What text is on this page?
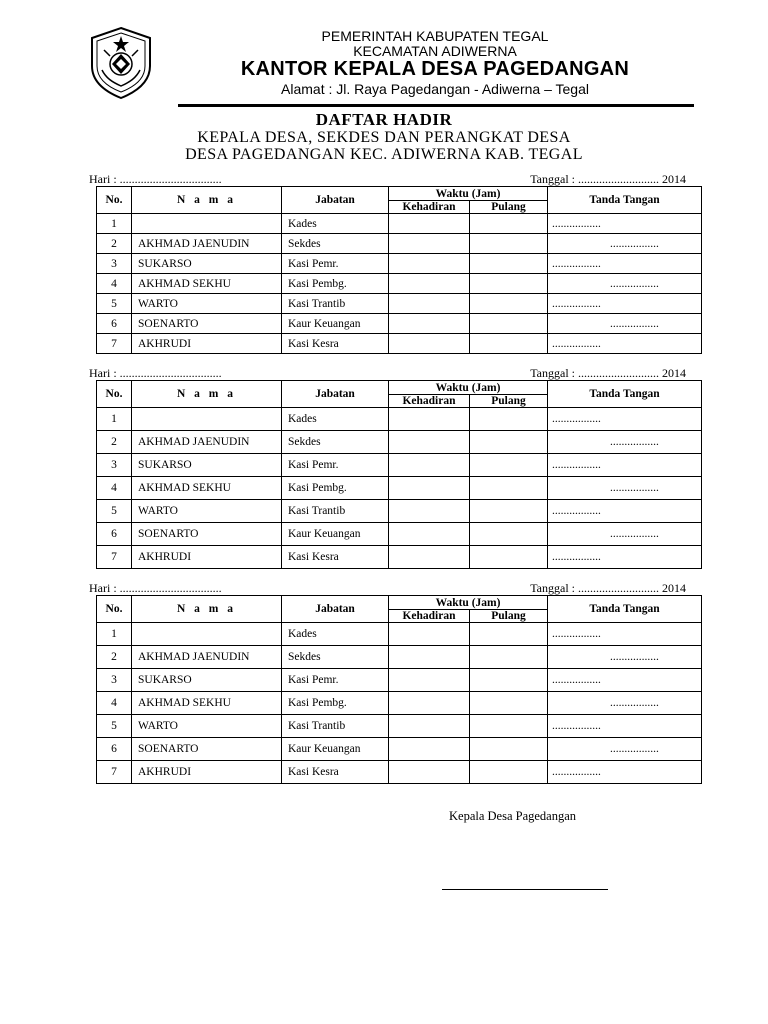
PEMERINTAH KABUPATEN TEGAL
KECAMATAN ADIWERNA
KANTOR KEPALA DESA PAGEDANGAN
Alamat : Jl. Raya Pagedangan - Adiwerna – Tegal
DAFTAR HADIR
KEPALA DESA, SEKDES DAN PERANGKAT DESA
DESA PAGEDANGAN KEC. ADIWERNA KAB. TEGAL
Hari : ..................................	Tanggal : ........................... 2014
No.	N a m a	Jabatan	Waktu (Jam)		Tanda Tangan
			Kehadiran	Pulang	
1		Kades			.................
2	AKHMAD JAENUDIN	Sekdes			.................
3	SUKARSO	Kasi Pemr.			.................
4	AKHMAD SEKHU	Kasi Pembg.			.................
5	WARTO	Kasi Trantib			.................
6	SOENARTO	Kaur Keuangan			.................
7	AKHRUDI	Kasi Kesra			.................
Hari : ..................................	Tanggal : ........................... 2014
No.	N a m a	Jabatan	Waktu (Jam)		Tanda Tangan
			Kehadiran	Pulang	
1		Kades			.................
2	AKHMAD JAENUDIN	Sekdes			.................
3	SUKARSO	Kasi Pemr.			.................
4	AKHMAD SEKHU	Kasi Pembg.			.................
5	WARTO	Kasi Trantib			.................
6	SOENARTO	Kaur Keuangan			.................
7	AKHRUDI	Kasi Kesra			.................
Hari : ..................................	Tanggal : ........................... 2014
No.	N a m a	Jabatan	Waktu (Jam)		Tanda Tangan
			Kehadiran	Pulang	
1		Kades			.................
2	AKHMAD JAENUDIN	Sekdes			.................
3	SUKARSO	Kasi Pemr.			.................
4	AKHMAD SEKHU	Kasi Pembg.			.................
5	WARTO	Kasi Trantib			.................
6	SOENARTO	Kaur Keuangan			.................
7	AKHRUDI	Kasi Kesra			.................
Kepala Desa Pagedangan
